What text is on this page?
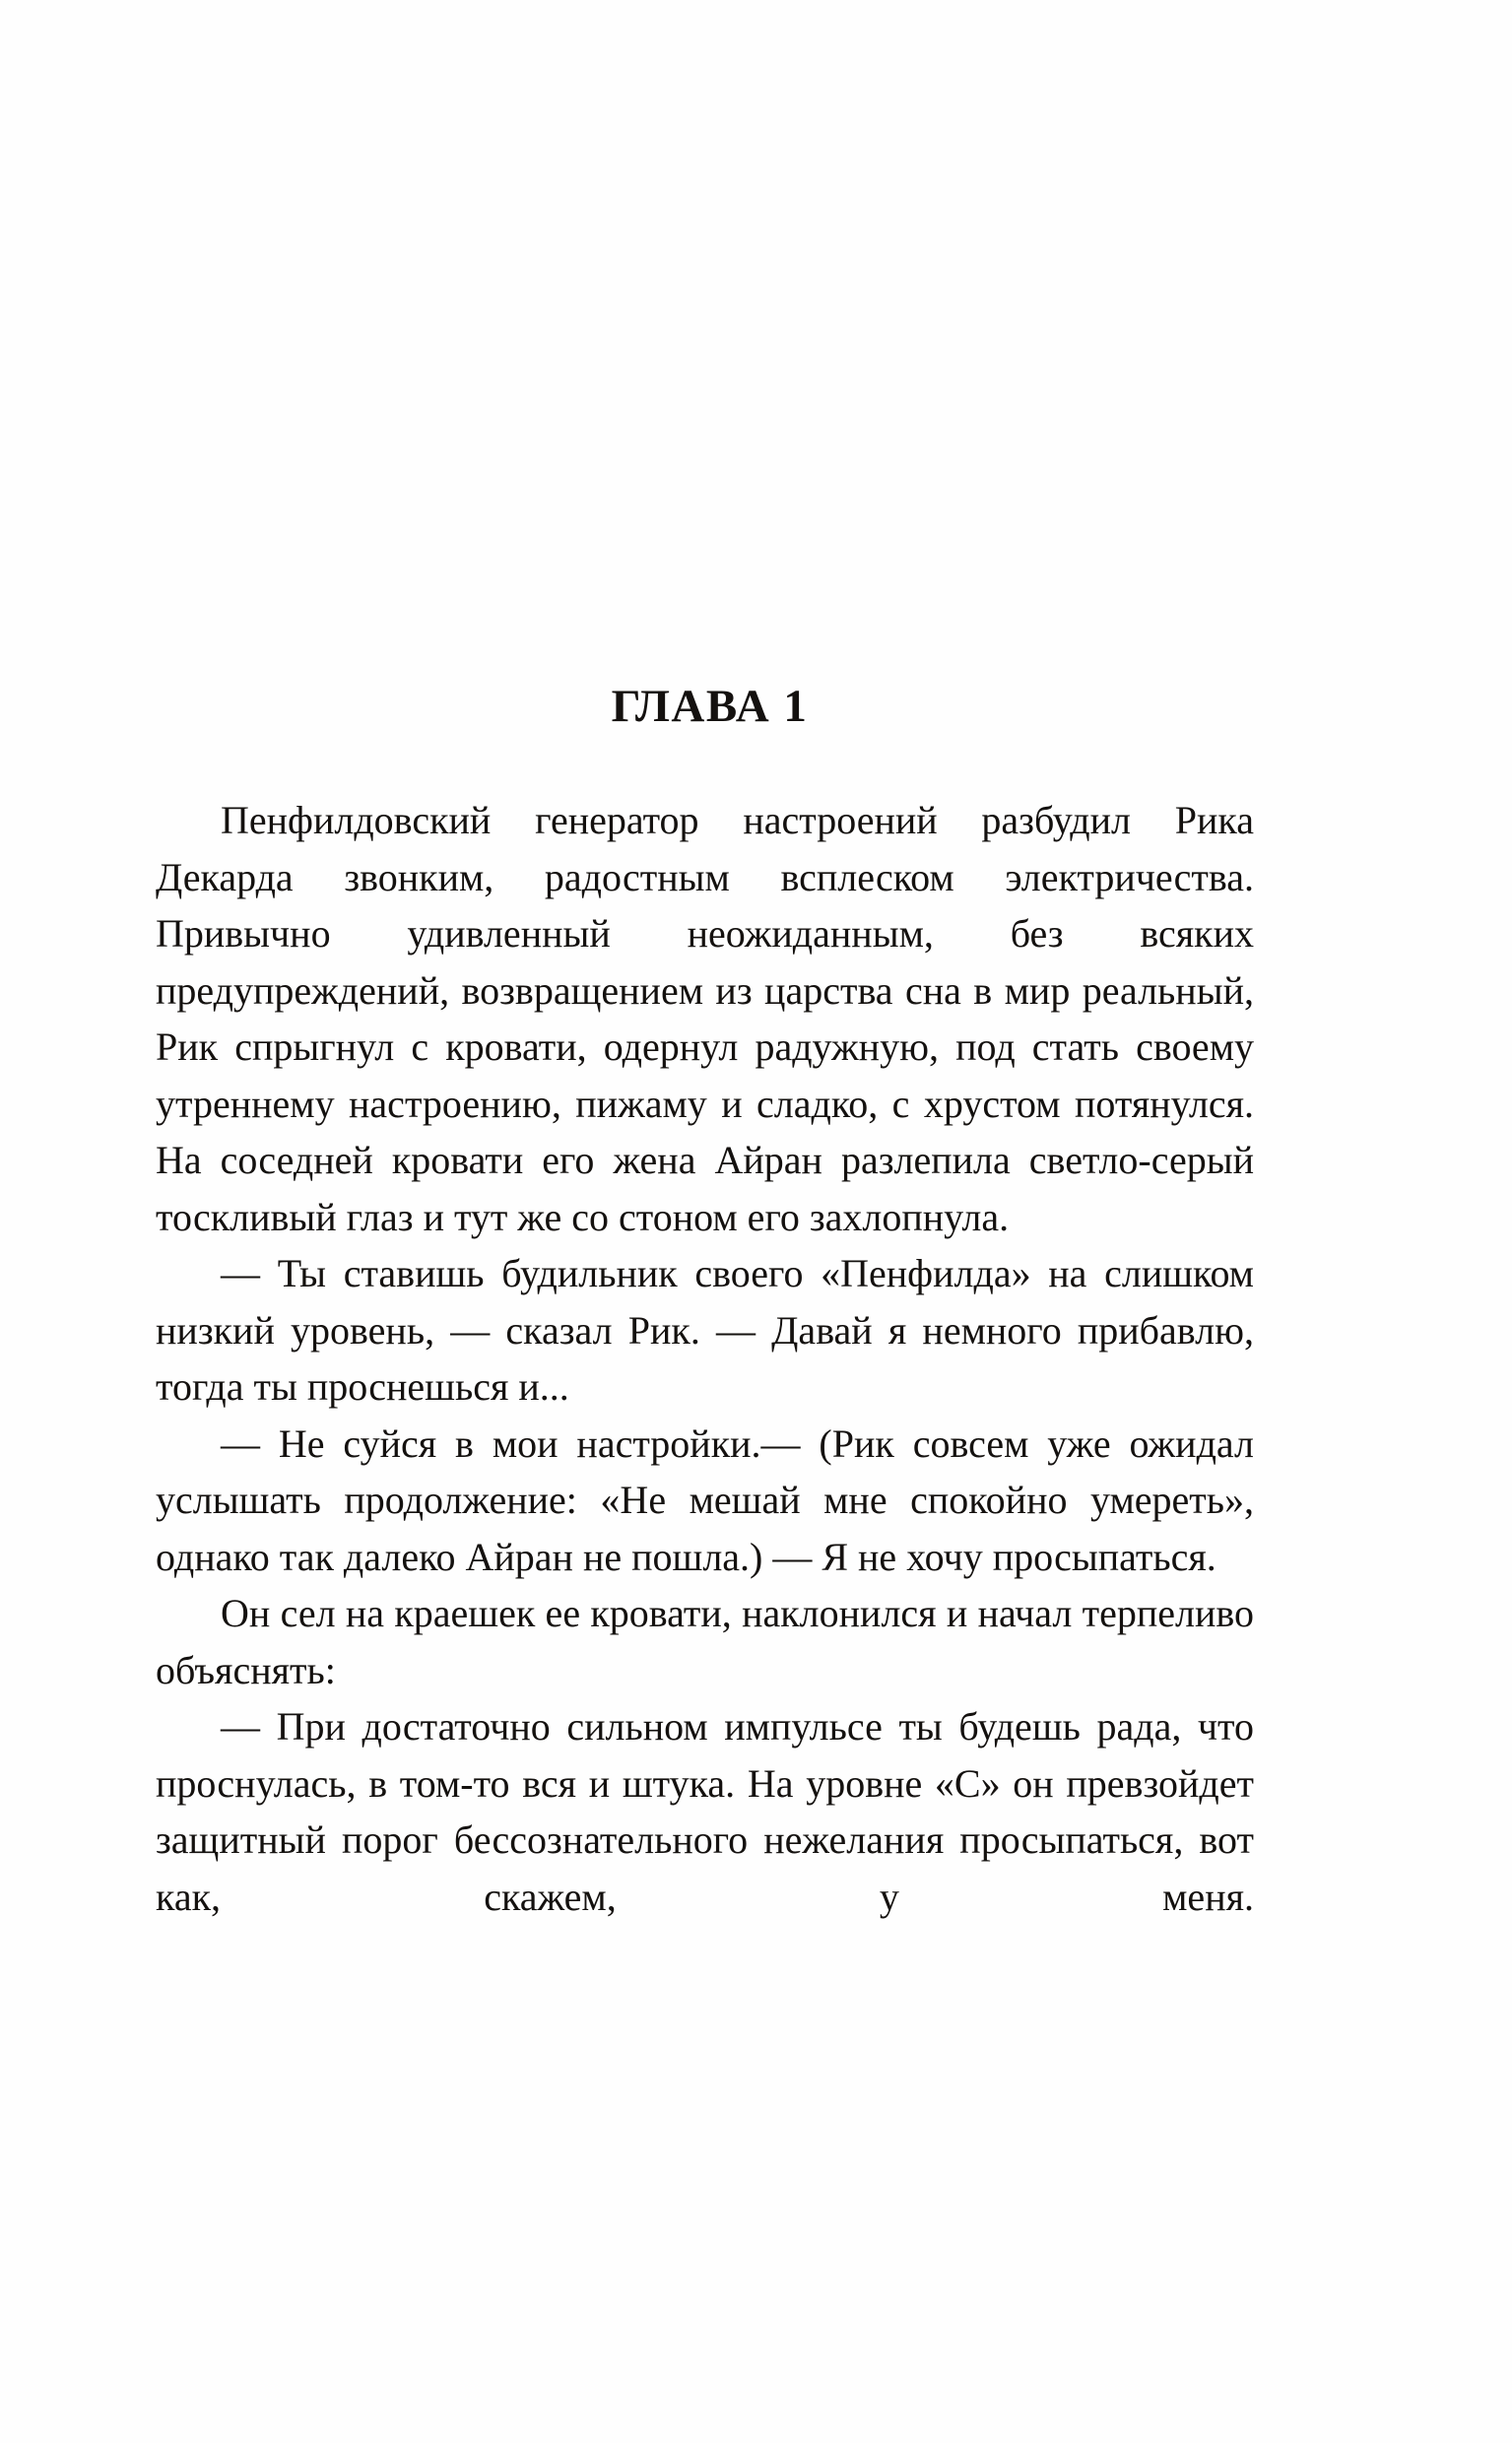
ГЛАВА 1

Пенфилдовский генератор настроений разбудил Рика Декарда звонким, радостным всплеском электричества. Привычно удивленный неожиданным, без всяких предупреждений, возвращением из царства сна в мир реальный, Рик спрыгнул с кровати, одернул радужную, под стать своему утреннему настроению, пижаму и сладко, с хрустом потянулся. На соседней кровати его жена Айран разлепила светло-серый тоскливый глаз и тут же со стоном его захлопнула.

— Ты ставишь будильник своего «Пенфилда» на слишком низкий уровень, — сказал Рик. — Давай я немного прибавлю, тогда ты проснешься и...

— Не суйся в мои настройки.— (Рик совсем уже ожидал услышать продолжение: «Не мешай мне спокойно умереть», однако так далеко Айран не пошла.) — Я не хочу просыпаться.

Он сел на краешек ее кровати, наклонился и начал терпеливо объяснять:

— При достаточно сильном импульсе ты будешь рада, что проснулась, в том-то вся и штука. На уровне «С» он превзойдет защитный порог бессознательного нежелания просыпаться, вот как, скажем, у меня.
